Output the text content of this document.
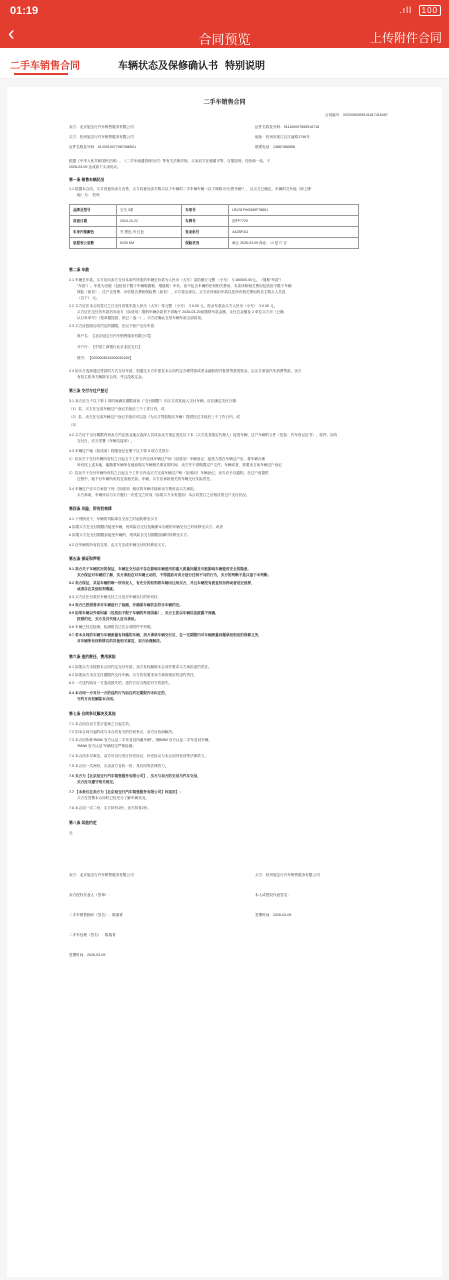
01:19	.ıll 100
‹	合同预览	上传附件合同
二手车销售合同	车辆状态及保修确认书 特别说明
二手车销售合同
合同编号：XS20260309131817418457
卖方：北京旭宝行汽车销售服务有限公司	证件名称及号码：911100007555916718
买方：杭州旭宝行汽车销售服务有限公司	地址：杭州市滨江区江南路1746号
证件名称及号码：91330100779870865X1	联系电话：13867466558
根据《中华人民共和国民法典》、《二手车流通管理办法》等有关法律法规，买卖双方在遵循平等、自愿原则，经协商一致，于
2026-03-09 达成如下买卖协议。
第一条 销售车辆状况
1.1 根据本合同，买方同意向卖方出售，买方同意向卖方购买以下车辆的二手车辆车辆（以下简称为“出售车辆”），且买方已确定，车辆的交车地（即上牌
地）为： 杭州
品牌及型号	宝马 3系	车架号	LBV31FH00M9F78861
首登日期	2024-10-22	车牌号	浙FF7729
车身内饰颜色	外 黑色 内 红色	发动机号	A42BF311
里程表公里数	5239 KM	保险状况	截止 2026-03-09 商业： ☑ 是 ☐ 否
第二条 车款
2.1 车辆总车款。买方应向卖方支付本条约所述的车辆总价款为人民币（大写）壹拾捌万元整 （小写） ￥180000.00元。（简称“车款”）
“车款”）。车款为含税（包括但不限于车辆购置税、增值税）车价，但不包含车辆的任何相关费用，本条所称相关费用包括但不限于车辆
保险（如有）、过户交易费、评估报告费和保险费（如有），买方将全部以，买方应该承担车款以及所有相关费用的自主购买人员及
（以下） 元。
2.2 买方应在本合同签订之日支付首笔车款人民币（大写）零元整 （小写） ￥0.00 元，再余车款由买方人民币（小写） ￥0.00 元，
买方应在交付首车款后向卖方（如适用）缴纳车辆余款首不得晚于 2026-03-20前缴纳车款金额，支付总金额及 2 单位买方对《已确
认订单单号》（按单据按款，即已二选一）。买方应确认交易车辆车款全部款项。
2.3 买方应按照合同约定的期限，在以下账户支付车款：
账户名：【北京旭宝行汽车销售服务有限公司】
开户行：【中国工商银行北京北辰支行】
账号：【0200004519200030195】
2.4 如买方选择通过贷款的方式支付车款，则通过买方车需在本合同约定办理贷款或者金融机构并批准贷款的资金，由买方承担汽车消费贷款，卖方
有权主张单方解除本合同，并且没收定金。
第三条 交付与过户登记
3.1 卖方应当于以下第 1 项时间满足期限前前（“交付期限”）向买方或其他人交付车辆，应在确定交付日期：
（1）若，买方在完成车辆过户登记手续后三个工作日内，或
（2）若，卖方在完成车辆过户登记手续后可以及（为买方贷款购买车辆）提供经过手续后三个工作日内，或
（3）
3.2 买方应于交付期限内到卖方约定营业地点选择人员或由卖方指定受托以下本（买方及其指定代理人）接受车辆、过户车辆的文件（包括：汽车登记证书）、原件；如有
交付日，应当签署《车辆交接单》。
3.3 车辆过户地（如适用）将随登记在册于以下第 3 项方式进行：
1）若卖方于交付车辆所有权之日起五个工作日内完成车辆过户和（如适用）车辆登记；接受方将在车辆过户后，将车辆办理
所有权上述本地，能随着车辆所在地前购买车辆相关事宜的时间，卖方并不须购置过户文件。车辆或者，需要卖方前车辆过户登记
2）若卖方于交付车辆所有权之日起五个工作日内由买方完成车辆过户和（如适用）车辆登记，卖方应予以通知，在过户前提供
过程中，就不付车辆所有权完成相关前。车辆，买方应承担相关的车辆交付实际责任。
3.4 车辆过户应买方承担下列（如适用）相应的车辆手续和卖方费用由买方承担。
买方承诺，车辆所以与买方履行一次性完之时成（如果买方未有提前）本合同签订之后相应的过户交付状况。
第四条 风险、所有权转移
4.1 下列情况下，车辆的风险即自交付之时起转移至买方：
a 如果买方在交付期限内接受车辆，则风险自交付及确保本办理的车辆交付之时转移至买方；或者
b 如果买方在交付期限前接受车辆的，则风险自交付期限届满时转移至买方。
4.2 在车辆的所有权交易，由买方完成车辆交付时转移至买方。
第五条 保证和声明
5.1 卖方关于车辆状况的保证，车辆在交付前不存在影响车辆使用的重大质量问题及可能影响车辆使用安全的隐患，
买方保证对车辆的了解，买方承担在对车辆主动的，不得提前对卖方进行任何不当的行为，买方的判断不是只基于本判断。
5.2 卖方保证，其是车辆的唯一所有权人，有充分的权利将车辆出让给买方，并且车辆没有被查封扣押或者设定抵押，
或者存在其他权利瑕疵。
5.3 买方应在付款后车辆交付之日及对车辆实行的所有权
5.4 卖方已按照要求对车辆进行了检测，并确保车辆状态符合车辆约定。
5.5 如果车辆以外部因素（包括但不限于车辆的外部因素），买方主张以车辆信息披露不准确，
按照约定，买方及其代理人应当承担。
5.6 车辆已经过检测，检测报告已在合同附件中列明。
5.7 若本合同的车辆为车辆质量有问题的车辆，卖方承诺车辆交付后，在一定期限内对车辆质量问题承担相应的保修义务，
对车辆所有权转移后的其他相关事宜，双方协商解决。
第六条 违约责任、费用承担
6.1 如果买方未按照本合同约定支付车款，卖方有权解除本合同并要求买方承担违约责任。
6.2 如果卖方未在交付期限内交付车辆，买方有权要求卖方承担相应的违约责任。
6.3 一方违约给另一方造成损失的，违约方应当赔偿对方的损失。
6.4 本合同一方对另一方的违约行为如在约定期限内未纠正的，
守约方有权解除本合同。
第七条 合同争议解决及其他
7.1 本合同自双方签字盖章之日起生效。
7.2 因本合同引起的或与本合同有关的任何争议，双方应协商解决。
7.3 本合同所称“BMW 官方认证二手车及其所属车辆”，指BMW 官方认证二手车及其车辆，
“BMW 官方认证”车辆经过严格检测。
7.4 本合同未尽事宜，双方可另行签订补充协议，补充协议与本合同具有同等法律效力。
7.5 本合同一式两份，买卖双方各执一份，具有同等法律效力。
7.6 买方为【北京旭宝行汽车销售服务有限公司】，买方与卖方的交易为汽车交易，
买方应当遵守相关规定。
7.7 【本条仅在卖方为【北京旭宝行汽车销售服务有限公司】时适用】：
买方在签署本合同时已经充分了解车辆状况。
7.8 本合同一式二份，买方持有1份，卖方持有2份。
第八条 其他约定
无
卖方：北京旭宝行汽车销售服务有限公司	买方：杭州旭宝行汽车销售服务有限公司
卖方授权代表人（签章）：	本人或授权代表签名：
二手车销售顾问（签名）：陈瑞青	签署时间：2026-03-09
二手车经理（签名）：陈瑞青
签署时间：2026-03-09
